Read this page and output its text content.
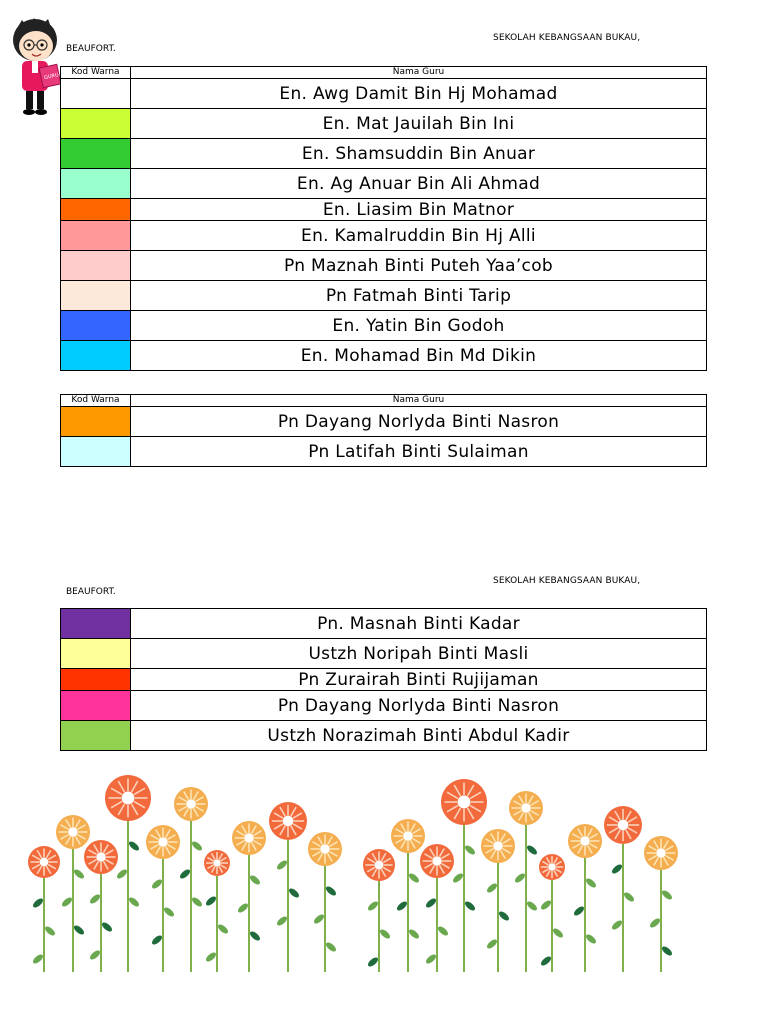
SEKOLAH KEBANGSAAN BUKAU,
BEAUFORT.
GURU Kod Warna	Nama Guru
	En. Awg Damit Bin Hj Mohamad
	En. Mat Jauilah Bin Ini
	En. Shamsuddin Bin Anuar
	En. Ag Anuar Bin Ali Ahmad
	En. Liasim Bin Matnor
	En. Kamalruddin Bin Hj Alli
	Pn Maznah Binti Puteh Yaa’cob
	Pn Fatmah Binti Tarip
	En. Yatin Bin Godoh
	En. Mohamad Bin Md Dikin
Kod Warna	Nama Guru
	Pn Dayang Norlyda Binti Nasron
	Pn Latifah Binti Sulaiman
SEKOLAH KEBANGSAAN BUKAU,
BEAUFORT.
	Pn. Masnah Binti Kadar
	Ustzh Noripah Binti Masli
	Pn Zurairah Binti Rujijaman
	Pn Dayang Norlyda Binti Nasron
	Ustzh Norazimah Binti Abdul Kadir
